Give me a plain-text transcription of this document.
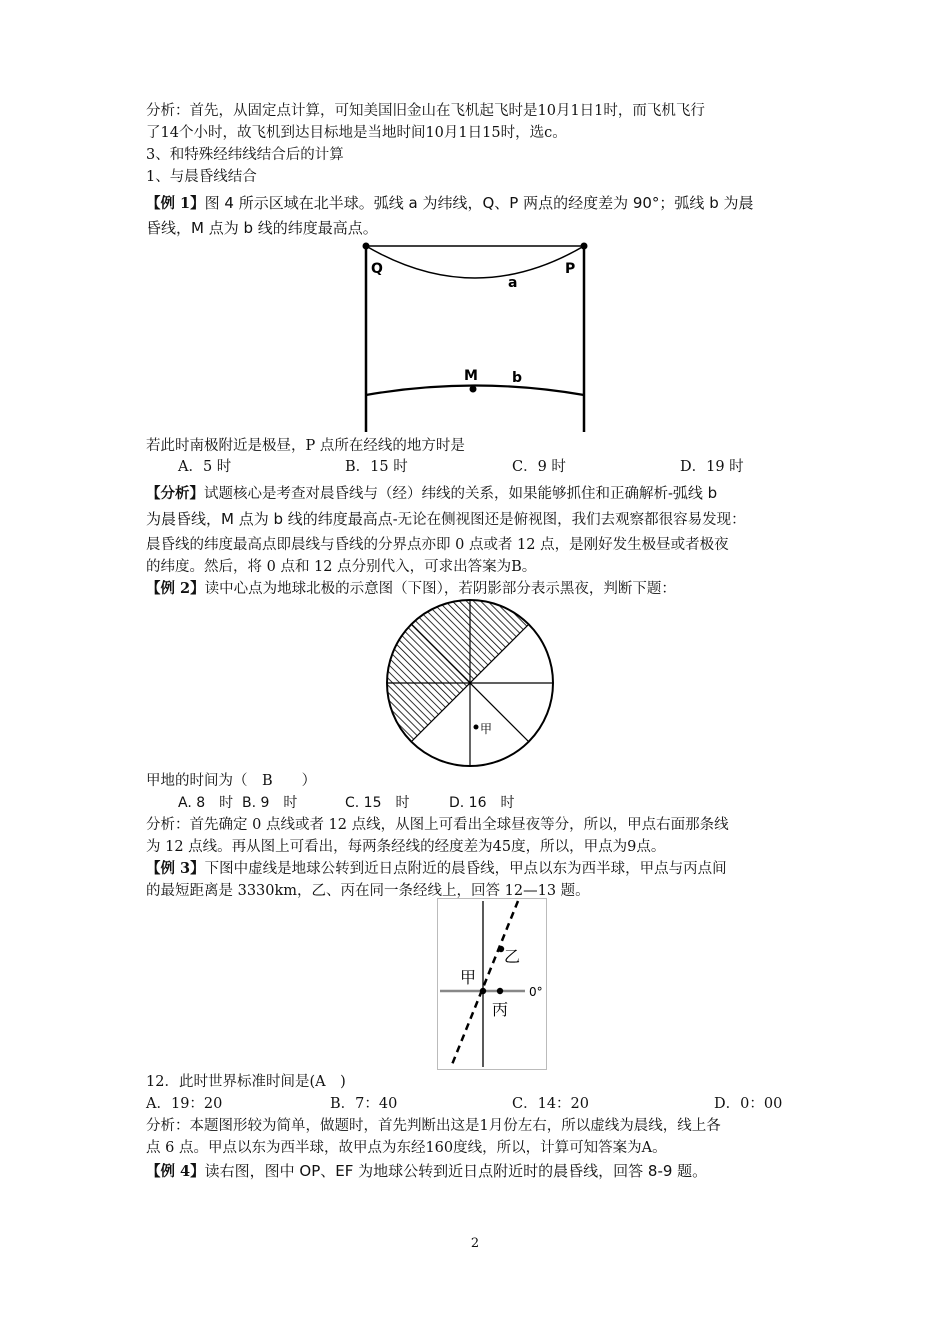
分析：首先，从固定点计算，可知美国旧金山在飞机起飞时是10月1日1时，而飞机飞行
了14个小时，故飞机到达目标地是当地时间10月1日15时，选c。
3、和特殊经纬线结合后的计算
1、与晨昏线结合
【例 1】图 4 所示区域在北半球。弧线 a 为纬线，Q、P 两点的经度差为 90°；弧线 b 为晨
昏线，M 点为 b 线的纬度最高点。
Q	P
a
M b
若此时南极附近是极昼，P 点所在经线的地方时是
A．5 时	B．15 时	C．9 时	D．19 时
【分析】试题核心是考查对晨昏线与（经）纬线的关系，如果能够抓住和正确解析-弧线 b
为晨昏线，M 点为 b 线的纬度最高点-无论在侧视图还是俯视图，我们去观察都很容易发现：
晨昏线的纬度最高点即晨线与昏线的分界点亦即 0 点或者 12 点，是刚好发生极昼或者极夜
的纬度。然后，将 0 点和 12 点分别代入，可求出答案为B。
【例 2】读中心点为地球北极的示意图（下图），若阴影部分表示黑夜，判断下题：
甲
甲地的时间为（　B　　）
A. 8　时 B. 9　时	C. 15　时	D. 16　时
分析：首先确定 0 点线或者 12 点线，从图上可看出全球昼夜等分，所以，甲点右面那条线
为 12 点线。再从图上可看出，每两条经线的经度差为45度，所以，甲点为9点。
【例 3】下图中虚线是地球公转到近日点附近的晨昏线，甲点以东为西半球，甲点与丙点间
的最短距离是 3330km，乙、丙在同一条经线上，回答 12—13 题。
乙
甲
丙
0°
12．此时世界标准时间是(A　)
A．19：20	B．7：40	C．14：20	D．0：00
分析：本题图形较为简单，做题时，首先判断出这是1月份左右，所以虚线为晨线，线上各
点 6 点。甲点以东为西半球，故甲点为东经160度线，所以，计算可知答案为A。
【例 4】读右图，图中 OP、EF 为地球公转到近日点附近时的晨昏线，回答 8-9 题。
2
